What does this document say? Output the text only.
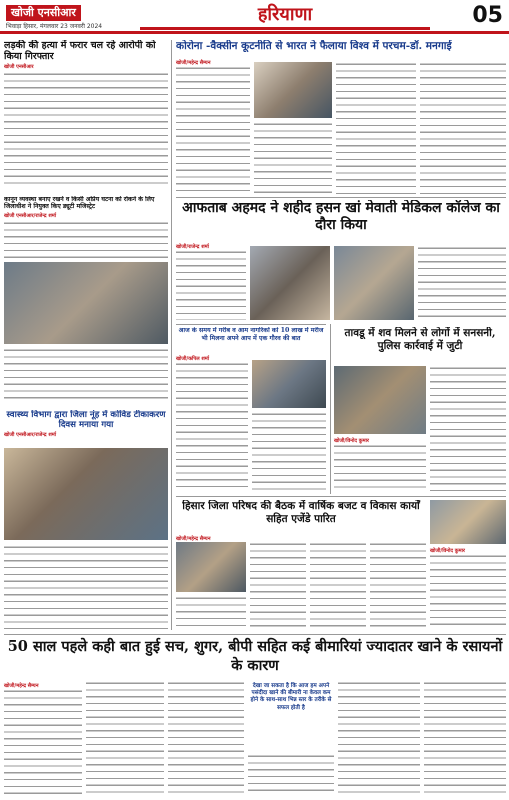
खोजी एनसीआर
भिवाड़ा हिसार, मंगलवार 23 जनवरी 2024
हरियाणा	05
लड़की की हत्या में फरार चल रहे आरोपी को किया गिरफ्तार
खोजी एनसीआर
कानून व्यवस्था बनाए रखने व किसी अप्रिय घटना को रोकने के लिए जिलाधीश ने नियुक्त किए ड्यूटी मजिस्ट्रेट
खोजी एनसीआर/राजेन्द्र शर्मा
स्वास्थ्य विभाग द्वारा जिला नूंह में कोविड टीकाकरण दिवस मनाया गया
खोजी एनसीआर/राजेन्द्र शर्मा
कोरोना -वैक्सीन कूटनीति से भारत ने फैलाया विश्व में परचम-डॉ. मनगाई
खोजी/महेन्द्र सैम्यन
आफताब अहमद ने शहीद हसन खां मेवाती मेडिकल कॉलेज का दौरा किया
खोजी/राजेन्द्र शर्मा
आज के समय में गरीब व आम नागरिकों को 10 लाख में मरीज भी मिलना अपने आप में एक गौरव की बात
खोजी/कपिल शर्मा
तावडू में शव मिलने से लोगों में सनसनी, पुलिस कार्रवाई में जुटी
खोजी/विनोद कुमार
खोजी/विनोद कुमार
हिसार जिला परिषद की बैठक में वार्षिक बजट व विकास कार्यों सहित एजेंडे पारित
खोजी/महेन्द्र सैम्यन
50 साल पहले कही बात हुई सच, शुगर, बीपी सहित कई बीमारियां ज्यादातर खाने के रसायनों के कारण
खोजी/महेन्द्र सैम्यन	देखा जा सकता है कि आज हम अपने पसंदीदा खाने की बीमारी ना केवल कम होने के साथ-साथ भिन्न स्तर के तरीके से सफल होती है
